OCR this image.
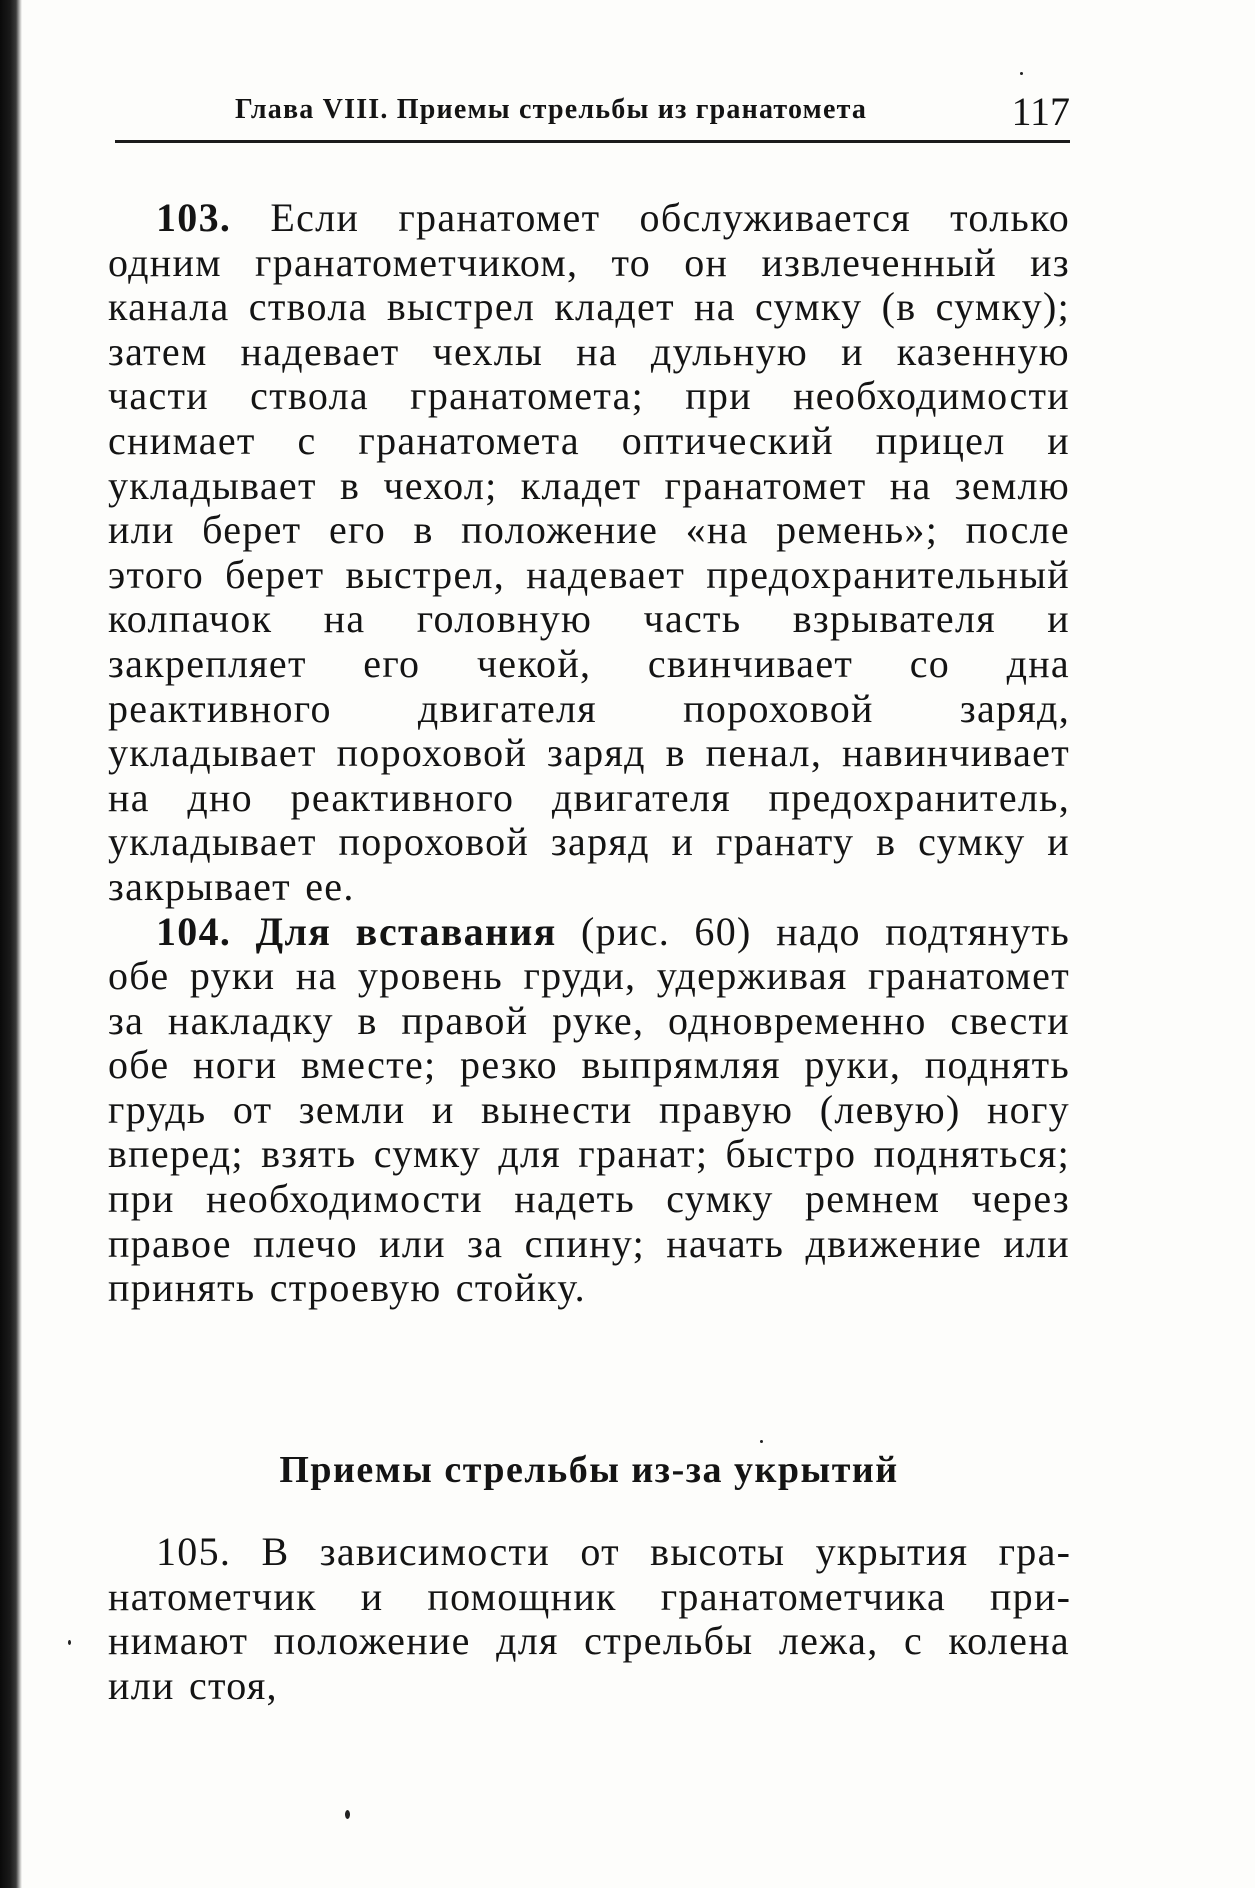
Глава VIII. Приемы стрельбы из гранатомета	117

103. Если гранатомет обслуживается только одним гранатометчиком, то он извлеченный из канала ствола выстрел кладет на сумку (в сумку); затем надевает чехлы на дульную и казенную части ствола гранатомета; при необходимости снимает с гранатомета оптический прицел и укладывает в чехол; кладет гранатомет на землю или берет его в положение «на ремень»; после этого берет выстрел, надевает предохранительный колпачок на головную часть взрывателя и закрепляет его чекой, свинчивает со дна реактивного двигателя пороховой заряд, укладывает пороховой заряд в пенал, навинчивает на дно реактивного двигателя предохранитель, укладывает пороховой заряд и гранату в сумку и закрывает ее.

104. Для вставания (рис. 60) надо подтянуть обе руки на уровень груди, удерживая гранатомет за накладку в правой руке, одновременно свести обе ноги вместе; резко выпрямляя руки, поднять грудь от земли и вынести правую (левую) ногу вперед; взять сумку для гранат; быстро подняться; при необходимости надеть сумку ремнем через правое плечо или за спину; начать движение или принять строевую стойку.

Приемы стрельбы из-за укрытий

105. В зависимости от высоты укрытия гранатометчик и помощник гранатометчика принимают положение для стрельбы лежа, с колена или стоя,
